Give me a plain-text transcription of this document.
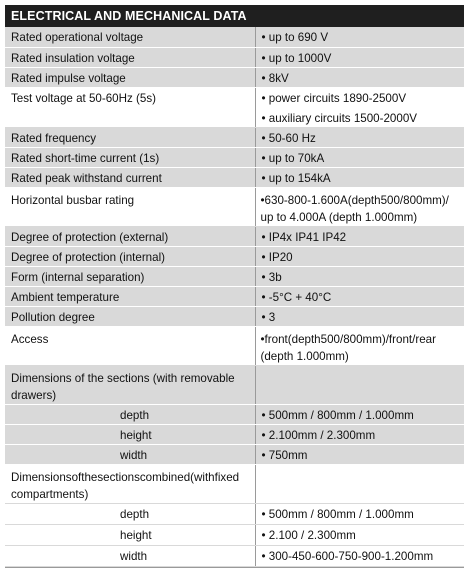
ELECTRICAL AND MECHANICAL DATA
Rated operational voltage	• up to 690 V
Rated insulation voltage	• up to 1000V
Rated impulse voltage	• 8kV
Test voltage at 50-60Hz (5s)	• power circuits 1890-2500V
• auxiliary circuits 1500-2000V

Rated frequency	• 50-60 Hz
Rated short-time current (1s)	• up to 70kA
Rated peak withstand current	• up to 154kA
Horizontal busbar rating	•630-800-1.600A(depth500/800mm)/
up to 4.000A (depth 1.000mm)

Degree of protection (external)	• IP4x IP41 IP42
Degree of protection (internal)	• IP20
Form (internal separation)	• 3b
Ambient temperature	• -5°C + 40°C
Pollution degree	• 3
Access	•front(depth500/800mm)/front/rear
(depth 1.000mm)

Dimensions of the sections (with removable
drawers)	

depth	• 500mm / 800mm / 1.000mm
height	• 2.100mm / 2.300mm
width	• 750mm

Dimensionsofthesectionscombined(withfixed
compartments)	

depth	• 500mm / 800mm / 1.000mm
height	• 2.100 / 2.300mm
width	• 300-450-600-750-900-1.200mm
